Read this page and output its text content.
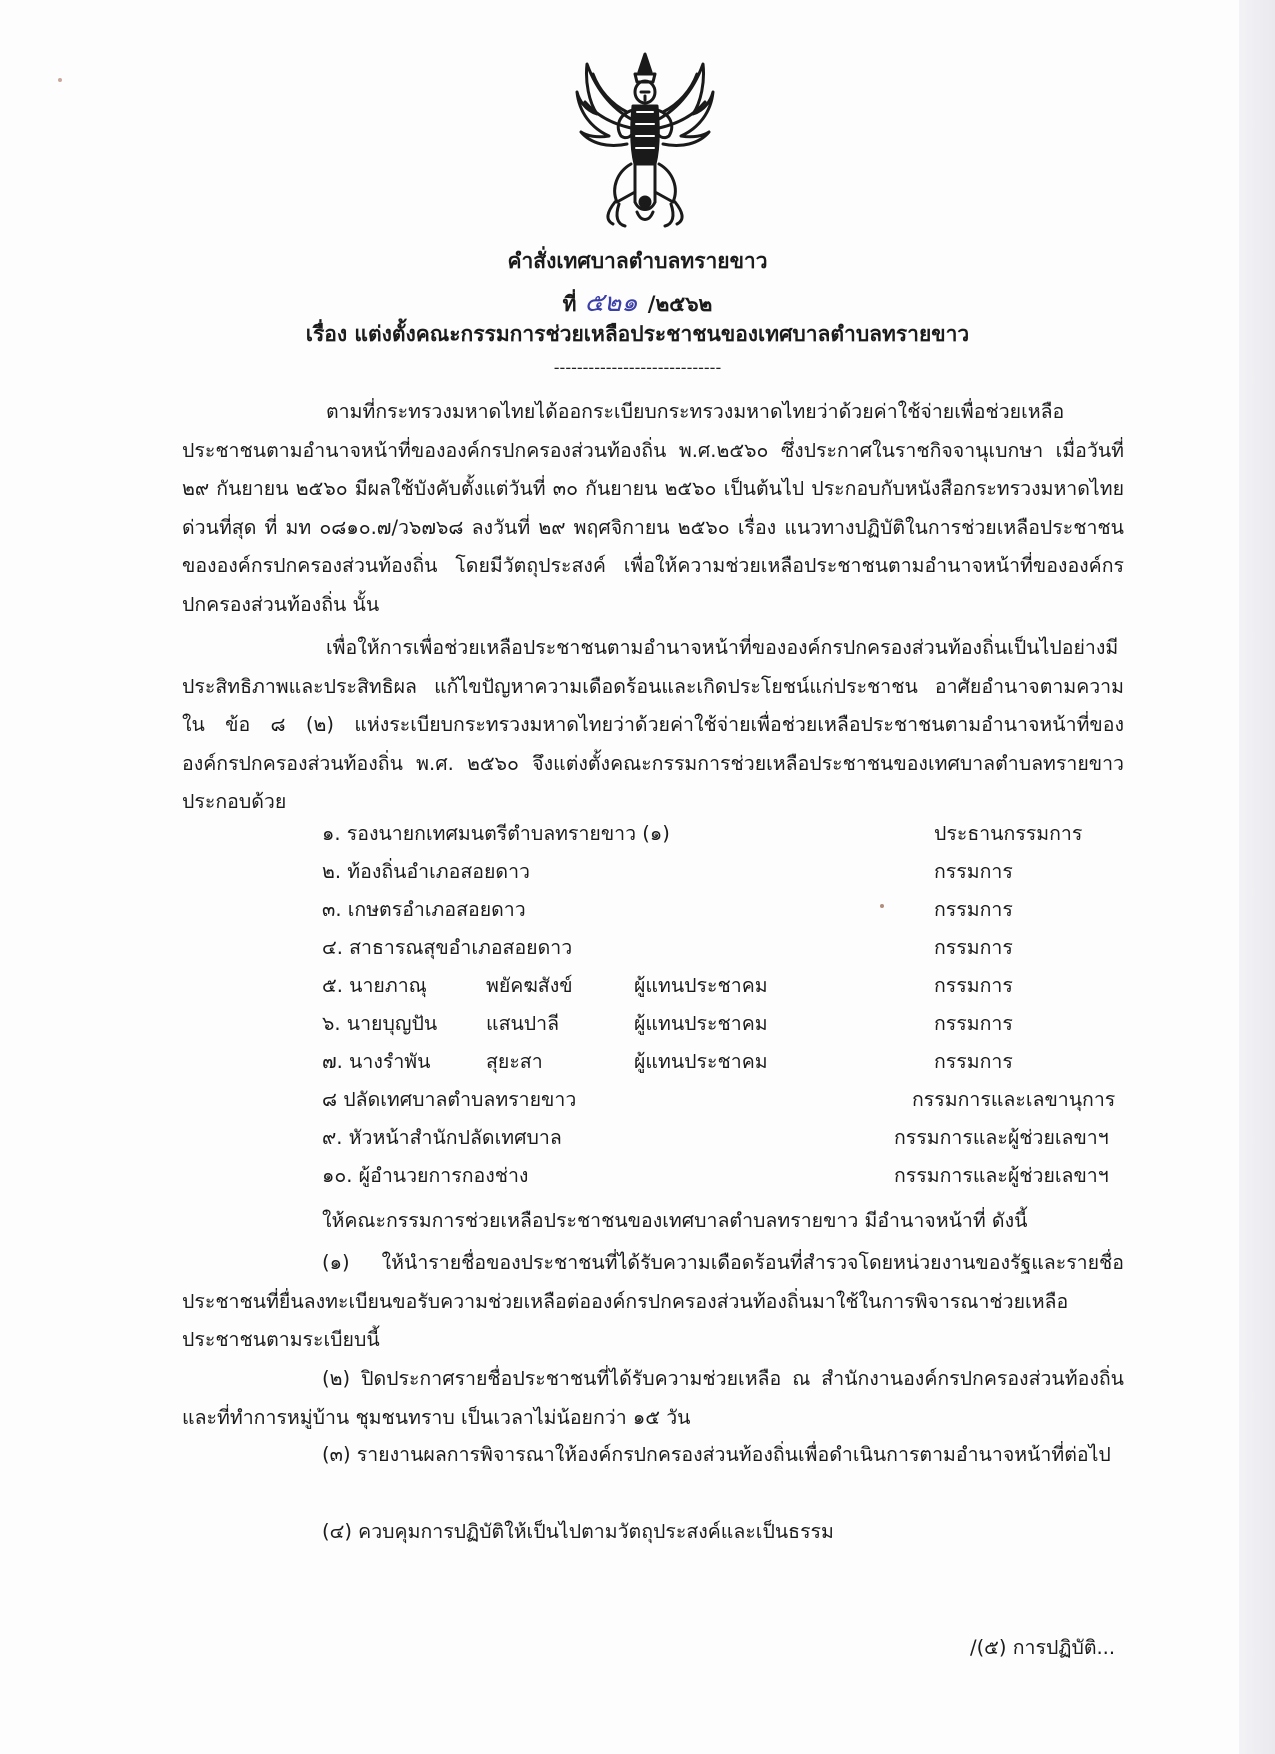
คำสั่งเทศบาลตำบลทรายขาว
ที่ ๕๒๑ /๒๕๖๒
เรื่อง แต่งตั้งคณะกรรมการช่วยเหลือประชาชนของเทศบาลตำบลทรายขาว
-----------------------------

ตามที่กระทรวงมหาดไทยได้ออกระเบียบกระทรวงมหาดไทยว่าด้วยค่าใช้จ่ายเพื่อช่วยเหลือประชาชนตามอำนาจหน้าที่ขององค์กรปกครองส่วนท้องถิ่น พ.ศ.๒๕๖๐ ซึ่งประกาศในราชกิจจานุเบกษา เมื่อวันที่ ๒๙ กันยายน ๒๕๖๐ มีผลใช้บังคับตั้งแต่วันที่ ๓๐ กันยายน ๒๕๖๐ เป็นต้นไป ประกอบกับหนังสือกระทรวงมหาดไทย ด่วนที่สุด ที่ มท ๐๘๑๐.๗/ว๖๗๖๘ ลงวันที่ ๒๙ พฤศจิกายน ๒๕๖๐ เรื่อง แนวทางปฏิบัติในการช่วยเหลือประชาชนขององค์กรปกครองส่วนท้องถิ่น โดยมีวัตถุประสงค์ เพื่อให้ความช่วยเหลือประชาชนตามอำนาจหน้าที่ขององค์กรปกครองส่วนท้องถิ่น นั้น

เพื่อให้การเพื่อช่วยเหลือประชาชนตามอำนาจหน้าที่ขององค์กรปกครองส่วนท้องถิ่นเป็นไปอย่างมีประสิทธิภาพและประสิทธิผล แก้ไขปัญหาความเดือดร้อนและเกิดประโยชน์แก่ประชาชน อาศัยอำนาจตามความใน ข้อ ๘ (๒) แห่งระเบียบกระทรวงมหาดไทยว่าด้วยค่าใช้จ่ายเพื่อช่วยเหลือประชาชนตามอำนาจหน้าที่ขององค์กรปกครองส่วนท้องถิ่น พ.ศ. ๒๕๖๐ จึงแต่งตั้งคณะกรรมการช่วยเหลือประชาชนของเทศบาลตำบลทรายขาว ประกอบด้วย

๑. รองนายกเทศมนตรีตำบลทรายขาว (๑)	ประธานกรรมการ
๒. ท้องถิ่นอำเภอสอยดาว	กรรมการ
๓. เกษตรอำเภอสอยดาว	กรรมการ
๔. สาธารณสุขอำเภอสอยดาว	กรรมการ
๕. นายภาณุ	พยัคฆสังข์	ผู้แทนประชาคม	กรรมการ
๖. นายบุญปัน	แสนปาลี	ผู้แทนประชาคม	กรรมการ
๗. นางรำพัน	สุยะสา	ผู้แทนประชาคม	กรรมการ
๘ ปลัดเทศบาลตำบลทรายขาว	กรรมการและเลขานุการ
๙. หัวหน้าสำนักปลัดเทศบาล	กรรมการและผู้ช่วยเลขาฯ
๑๐. ผู้อำนวยการกองช่าง	กรรมการและผู้ช่วยเลขาฯ
ให้คณะกรรมการช่วยเหลือประชาชนของเทศบาลตำบลทรายขาว มีอำนาจหน้าที่ ดังนี้

(๑) ให้นำรายชื่อของประชาชนที่ได้รับความเดือดร้อนที่สำรวจโดยหน่วยงานของรัฐและรายชื่อประชาชนที่ยื่นลงทะเบียนขอรับความช่วยเหลือต่อองค์กรปกครองส่วนท้องถิ่นมาใช้ในการพิจารณาช่วยเหลือประชาชนตามระเบียบนี้

(๒) ปิดประกาศรายชื่อประชาชนที่ได้รับความช่วยเหลือ ณ สำนักงานองค์กรปกครองส่วนท้องถิ่นและที่ทำการหมู่บ้าน ชุมชนทราบ เป็นเวลาไม่น้อยกว่า ๑๕ วัน

(๓) รายงานผลการพิจารณาให้องค์กรปกครองส่วนท้องถิ่นเพื่อดำเนินการตามอำนาจหน้าที่ต่อไป

(๔) ควบคุมการปฏิบัติให้เป็นไปตามวัตถุประสงค์และเป็นธรรม

/(๕) การปฏิบัติ...
